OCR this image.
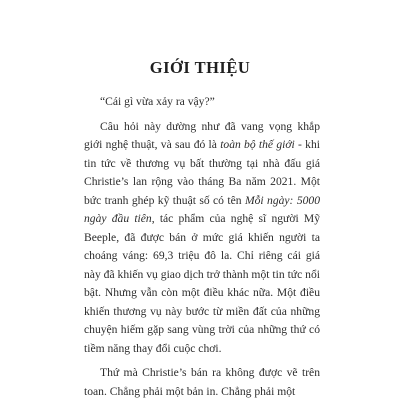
GIỚI THIỆU

“Cái gì vừa xảy ra vậy?”

Câu hỏi này dường như đã vang vọng khắp giới nghệ thuật, và sau đó là toàn bộ thế giới - khi tin tức về thương vụ bất thường tại nhà đấu giá Christie’s lan rộng vào tháng Ba năm 2021. Một bức tranh ghép kỹ thuật số có tên Mỗi ngày: 5000 ngày đầu tiên, tác phẩm của nghệ sĩ người Mỹ Beeple, đã được bán ở mức giá khiến người ta choáng váng: 69,3 triệu đô la. Chỉ riêng cái giá này đã khiến vụ giao dịch trở thành một tin tức nổi bật. Nhưng vẫn còn một điều khác nữa. Một điều khiến thương vụ này bước từ miền đất của những chuyện hiếm gặp sang vùng trời của những thứ có tiềm năng thay đổi cuộc chơi.

Thứ mà Christie’s bán ra không được vẽ trên toan. Chẳng phải một bản in. Chẳng phải một
